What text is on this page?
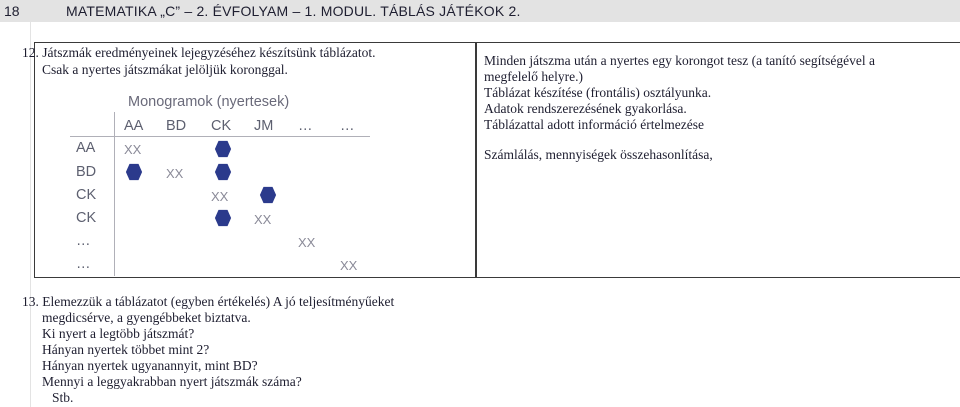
18	MATEMATIKA „C” – 2. ÉVFOLYAM – 1. MODUL. TÁBLÁS JÁTÉKOK 2.
12. Játszmák eredményeinek lejegyzéséhez készítsünk táblázatot.
Csak a nyertes játszmákat jelöljük koronggal.
Monogramok (nyertesek)
AA BD CK JM … …
AA
BD
CK
CK
…
…
XX
XX
XX
XX
XX
XX
Minden játszma után a nyertes egy korongot tesz (a tanító segítségével a
megfelelő helyre.)
Táblázat készítése (frontális) osztályunka.
Adatok rendszerezésének gyakorlása.
Táblázattal adott információ értelmezése
Számlálás, mennyiségek összehasonlítása,
13. Elemezzük a táblázatot (egyben értékelés) A jó teljesítményűeket
megdicsérve, a gyengébbeket biztatva.
Ki nyert a legtöbb játszmát?
Hányan nyertek többet mint 2?
Hányan nyertek ugyanannyit, mint BD?
Mennyi a leggyakrabban nyert játszmák száma?
Stb.
